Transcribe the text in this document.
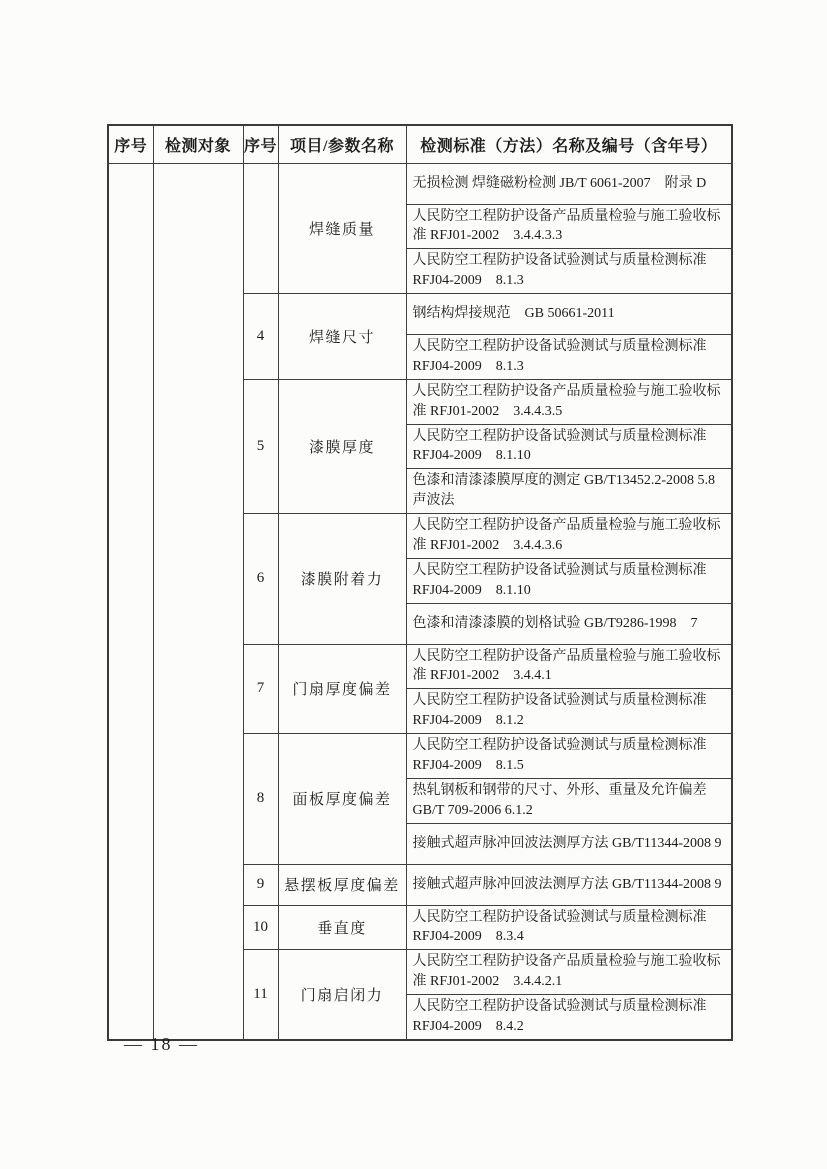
序号	检测对象	序号	项目/参数名称	检测标准（方法）名称及编号（含年号）
			焊缝质量	无损检测 焊缝磁粉检测 JB/T 6061-2007　附录 D
				人民防空工程防护设备产品质量检验与施工验收标准 RFJ01-2002　3.4.4.3.3
				人民防空工程防护设备试验测试与质量检测标准 RFJ04-2009　8.1.3
		4	焊缝尺寸	钢结构焊接规范　GB 50661-2011
				人民防空工程防护设备试验测试与质量检测标准 RFJ04-2009　8.1.3
		5	漆膜厚度	人民防空工程防护设备产品质量检验与施工验收标准 RFJ01-2002　3.4.4.3.5
				人民防空工程防护设备试验测试与质量检测标准 RFJ04-2009　8.1.10
				色漆和清漆漆膜厚度的测定 GB/T13452.2-2008 5.8 声波法
		6	漆膜附着力	人民防空工程防护设备产品质量检验与施工验收标准 RFJ01-2002　3.4.4.3.6
				人民防空工程防护设备试验测试与质量检测标准 RFJ04-2009　8.1.10
				色漆和清漆漆膜的划格试验 GB/T9286-1998　7
		7	门扇厚度偏差	人民防空工程防护设备产品质量检验与施工验收标准 RFJ01-2002　3.4.4.1
				人民防空工程防护设备试验测试与质量检测标准 RFJ04-2009　8.1.2
		8	面板厚度偏差	人民防空工程防护设备试验测试与质量检测标准 RFJ04-2009　8.1.5
				热轧钢板和钢带的尺寸、外形、重量及允许偏差 GB/T 709-2006 6.1.2
				接触式超声脉冲回波法测厚方法 GB/T11344-2008 9
		9	悬摆板厚度偏差	接触式超声脉冲回波法测厚方法 GB/T11344-2008 9
		10	垂直度	人民防空工程防护设备试验测试与质量检测标准 RFJ04-2009　8.3.4
		11	门扇启闭力	人民防空工程防护设备产品质量检验与施工验收标准 RFJ01-2002　3.4.4.2.1
				人民防空工程防护设备试验测试与质量检测标准 RFJ04-2009　8.4.2
— 18 —
